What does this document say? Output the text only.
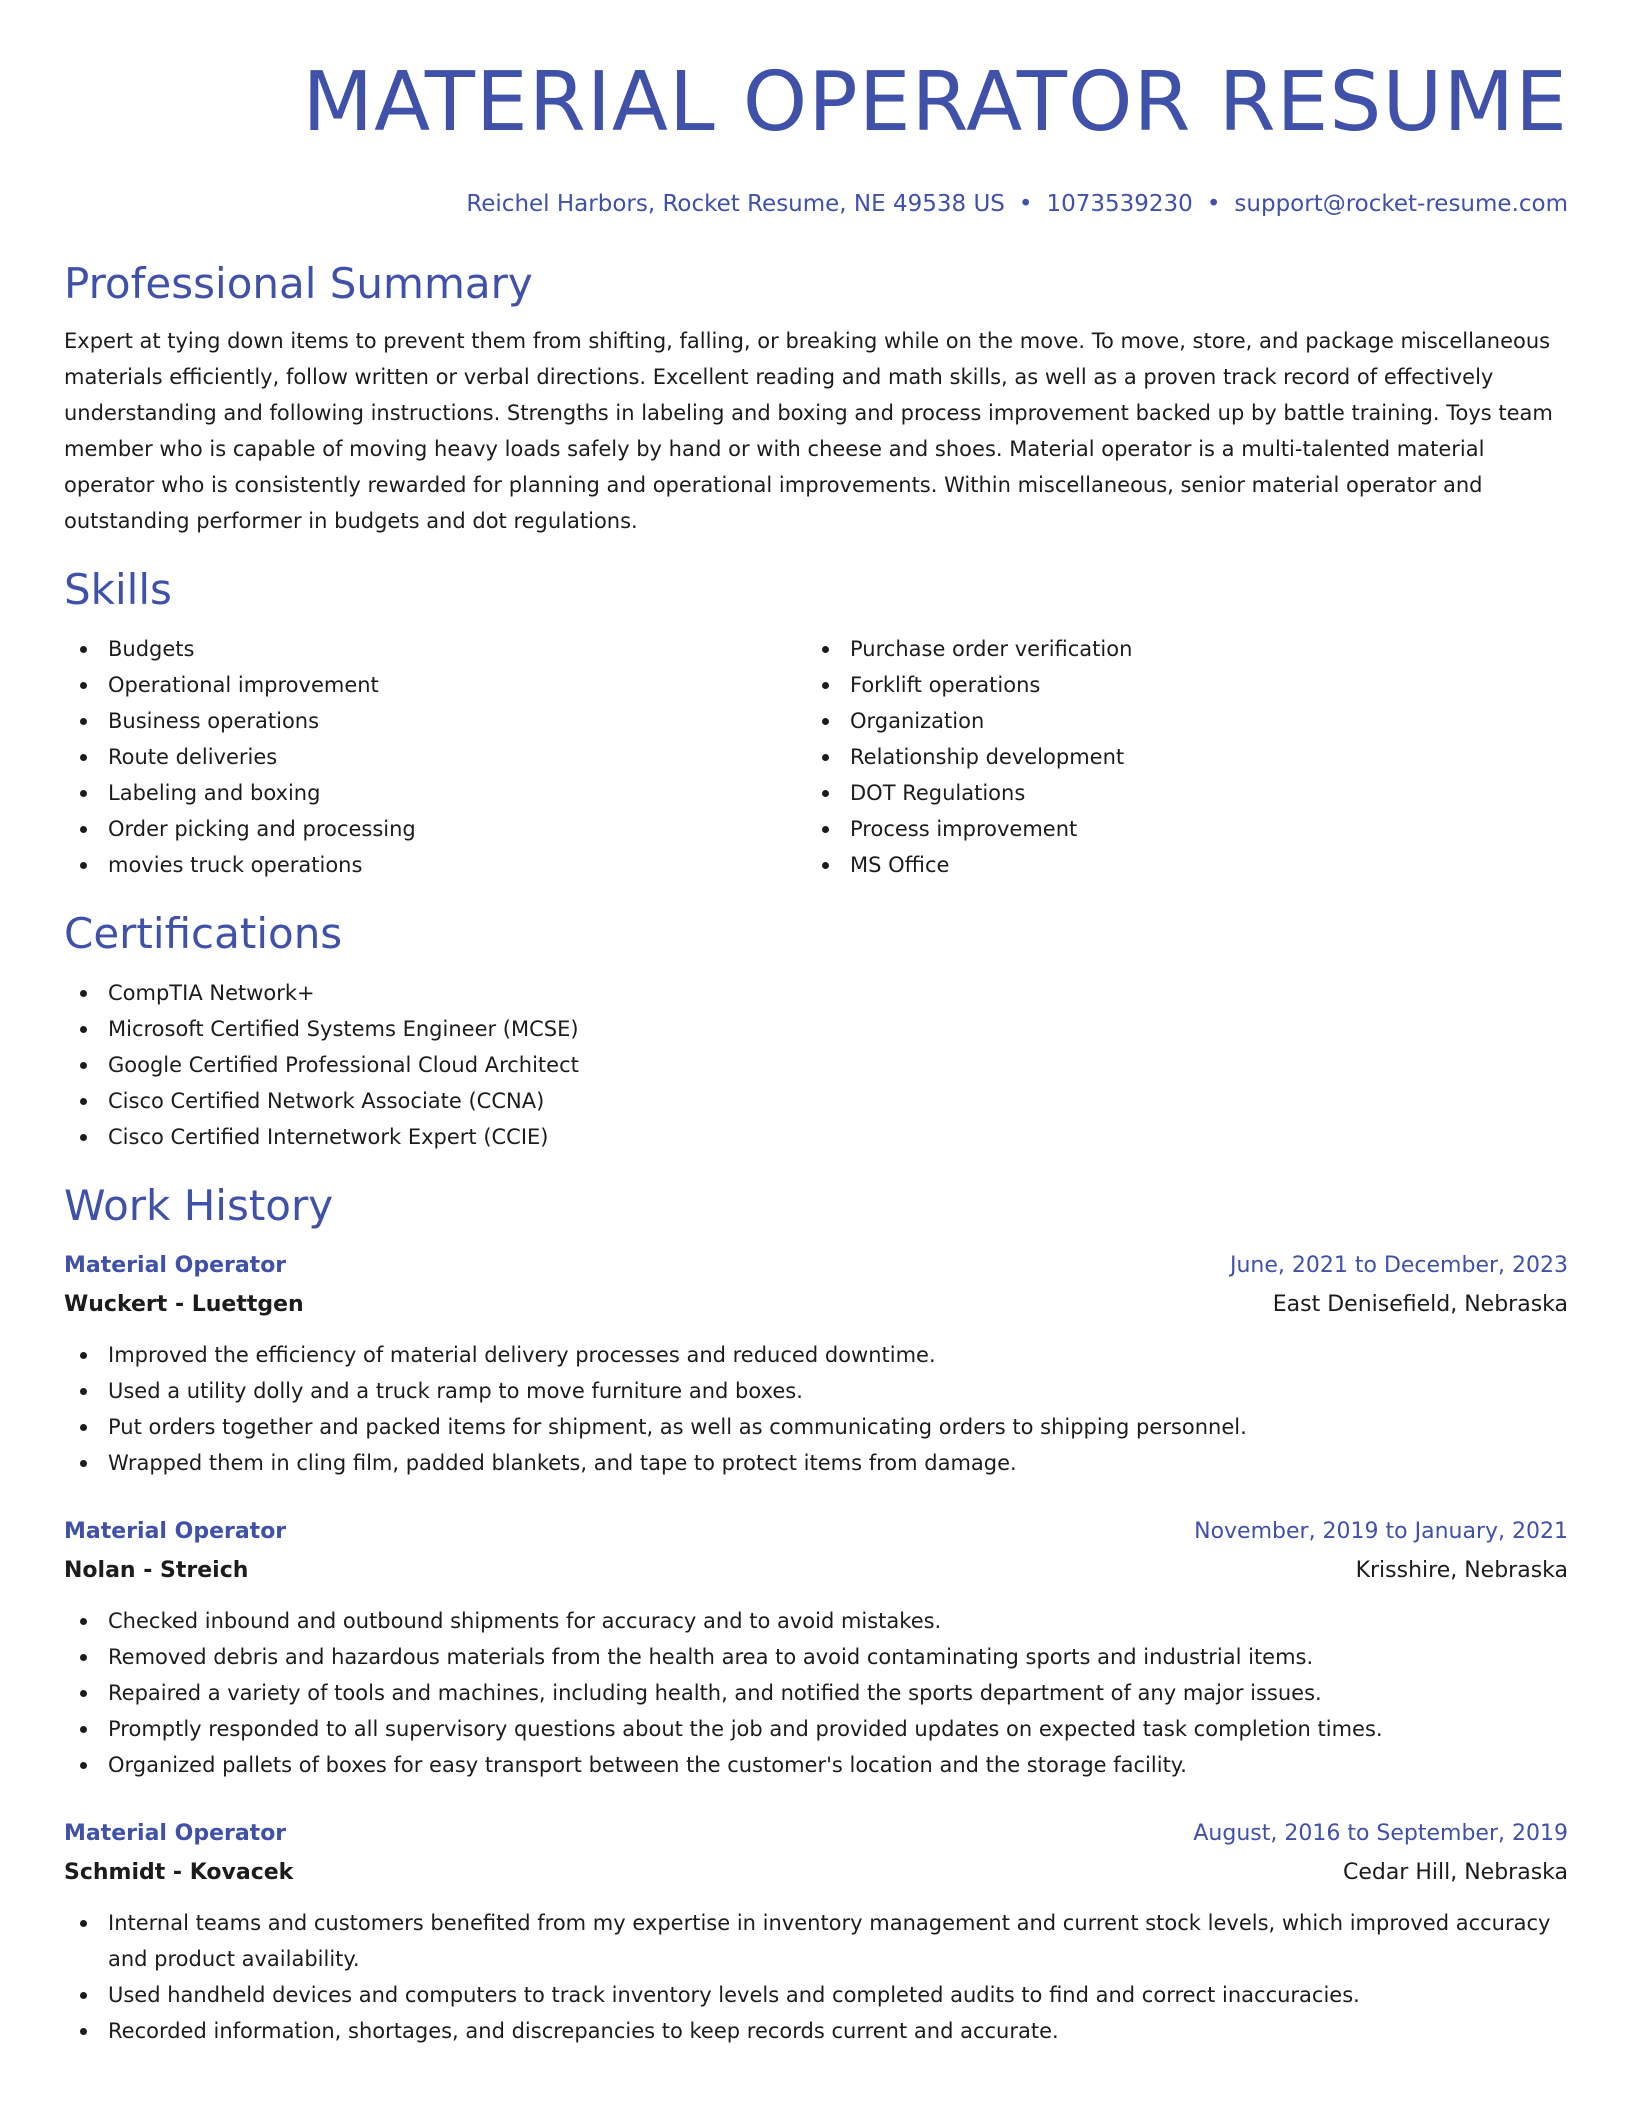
MATERIAL OPERATOR RESUME
Reichel Harbors, Rocket Resume, NE 49538 US • 1073539230 • support@rocket-resume.com
Professional Summary
Expert at tying down items to prevent them from shifting, falling, or breaking while on the move. To move, store, and package miscellaneous materials efficiently, follow written or verbal directions. Excellent reading and math skills, as well as a proven track record of effectively understanding and following instructions. Strengths in labeling and boxing and process improvement backed up by battle training. Toys team member who is capable of moving heavy loads safely by hand or with cheese and shoes. Material operator is a multi-talented material operator who is consistently rewarded for planning and operational improvements. Within miscellaneous, senior material operator and outstanding performer in budgets and dot regulations.
Skills
Budgets
Operational improvement
Business operations
Route deliveries
Labeling and boxing
Order picking and processing
movies truck operations
Purchase order verification
Forklift operations
Organization
Relationship development
DOT Regulations
Process improvement
MS Office
Certifications
CompTIA Network+
Microsoft Certified Systems Engineer (MCSE)
Google Certified Professional Cloud Architect
Cisco Certified Network Associate (CCNA)
Cisco Certified Internetwork Expert (CCIE)
Work History
Material Operator	June, 2021 to December, 2023
Wuckert - Luettgen	East Denisefield, Nebraska
Improved the efficiency of material delivery processes and reduced downtime.
Used a utility dolly and a truck ramp to move furniture and boxes.
Put orders together and packed items for shipment, as well as communicating orders to shipping personnel.
Wrapped them in cling film, padded blankets, and tape to protect items from damage.
Material Operator	November, 2019 to January, 2021
Nolan - Streich	Krisshire, Nebraska
Checked inbound and outbound shipments for accuracy and to avoid mistakes.
Removed debris and hazardous materials from the health area to avoid contaminating sports and industrial items.
Repaired a variety of tools and machines, including health, and notified the sports department of any major issues.
Promptly responded to all supervisory questions about the job and provided updates on expected task completion times.
Organized pallets of boxes for easy transport between the customer's location and the storage facility.
Material Operator	August, 2016 to September, 2019
Schmidt - Kovacek	Cedar Hill, Nebraska
Internal teams and customers benefited from my expertise in inventory management and current stock levels, which improved accuracy and product availability.
Used handheld devices and computers to track inventory levels and completed audits to find and correct inaccuracies.
Recorded information, shortages, and discrepancies to keep records current and accurate.
